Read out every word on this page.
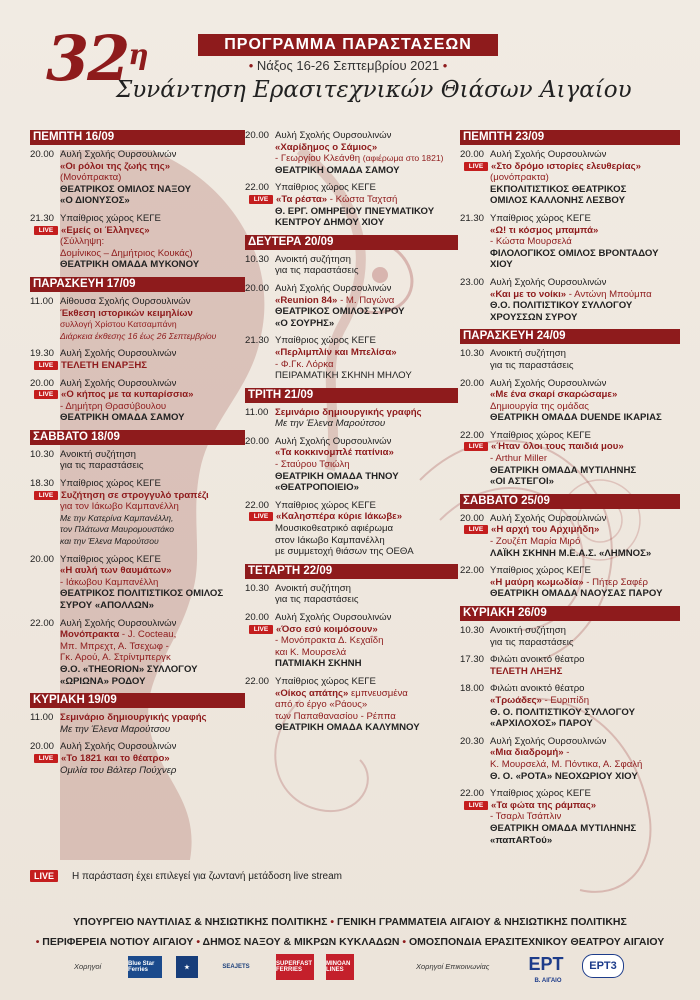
$32^\eta$	ΠΡΟΓΡΑΜΜΑ ΠΑΡΑΣΤΑΣΕΩΝ
• Νάξος 16-26 Σεπτεμβρίου 2021 •
Συνάντηση Ερασιτεχνικών Θιάσων Αιγαίου
ΠΕΜΠΤΗ 16/09
20.00 Αυλή Σχολής Ουρσουλινών
«Οι ρόλοι της ζωής της»
(Μονόπρακτα)
ΘΕΑΤΡΙΚΟΣ ΟΜΙΛΟΣ ΝΑΞΟΥ
«Ο ΔΙΟΝΥΣΟΣ»
21.30 Υπαίθριος χώρος ΚΕΓΕ
LIVE «Εμείς οι Έλληνες»
(Σύλληψη:
Δομίνικος – Δημήτριος Κουκάς)
ΘΕΑΤΡΙΚΗ ΟΜΑΔΑ ΜΥΚΟΝΟΥ
ΠΑΡΑΣΚΕΥΗ 17/09
11.00 Αίθουσα Σχολής Ουρσουλινών
Έκθεση ιστορικών κειμηλίων
συλλογή Χρίστου Κατσαμπάνη
Διάρκεια έκθεσης 16 έως 26 Σεπτεμβρίου
19.30 Αυλή Σχολής Ουρσουλινών
LIVE ΤΕΛΕΤΗ ΕΝΑΡΞΗΣ
20.00 Αυλή Σχολής Ουρσουλινών
LIVE «Ο κήπος με τα κυπαρίσσια»
- Δημήτρη Θρασύβουλου
ΘΕΑΤΡΙΚΗ ΟΜΑΔΑ ΣΑΜΟΥ
ΣΑΒΒΑΤΟ 18/09
10.30 Ανοικτή συζήτηση
για τις παραστάσεις
18.30 Υπαίθριος χώρος ΚΕΓΕ
LIVE Συζήτηση σε στρογγυλό τραπέζι
για τον Ιάκωβο Καμπανέλλη
Με την Κατερίνα Καμπανέλλη,
τον Πλάτωνα Μαυρομουστάκο
και την Έλενα Μαρούτσου
20.00 Υπαίθριος χώρος ΚΕΓΕ
«Η αυλή των θαυμάτων»
- Ιάκωβου Καμπανέλλη
ΘΕΑΤΡΙΚΟΣ ΠΟΛΙΤΙΣΤΙΚΟΣ ΟΜΙΛΟΣ
ΣΥΡΟΥ «ΑΠΟΛΛΩΝ»
22.00 Αυλή Σχολής Ουρσουλινών
Μονόπρακτα - J. Cocteau,
Μπ. Μπρεχτ, Α. Τσεχωφ -
Γκ. Αρού, Α. Στρίντμπεργκ
Θ.Ο. «THEORION» ΣΥΛΛΟΓΟΥ
«ΩΡΙΩΝΑ» ΡΟΔΟΥ
ΚΥΡΙΑΚΗ 19/09
11.00 Σεμινάριο δημιουργικής γραφής
Με την Έλενα Μαρούτσου
20.00 Αυλή Σχολής Ουρσουλινών
LIVE «Το 1821 και το θέατρο»
Ομιλία του Βάλτερ Πούχνερ
20.00 Αυλή Σχολής Ουρσουλινών
«Χαρίδημος ο Σάμιος»
- Γεωργίου Κλεάνθη (αφιέρωμα στο 1821)
ΘΕΑΤΡΙΚΗ ΟΜΑΔΑ ΣΑΜΟΥ
22.00 Υπαίθριος χώρος ΚΕΓΕ
LIVE «Τα ρέστα» - Κώστα Ταχτσή
Θ. ΕΡΓ. ΟΜΗΡΕΙΟΥ ΠΝΕΥΜΑΤΙΚΟΥ
ΚΕΝΤΡΟΥ ΔΗΜΟΥ ΧΙΟΥ
ΔΕΥΤΕΡΑ 20/09
10.30 Ανοικτή συζήτηση
για τις παραστάσεις
20.00 Αυλή Σχολής Ουρσουλινών
«Reunion 84» - Μ. Παγώνα
ΘΕΑΤΡΙΚΟΣ ΟΜΙΛΟΣ ΣΥΡΟΥ
«Ο ΣΟΥΡΗΣ»
21.30 Υπαίθριος χώρος ΚΕΓΕ
«Περλιμπλίν και Μπελίσα»
- Φ.Γκ. Λόρκα
ΠΕΙΡΑΜΑΤΙΚΗ ΣΚΗΝΗ ΜΗΛΟΥ
ΤΡΙΤΗ 21/09
11.00 Σεμινάριο δημιουργικής γραφής
Με την Έλενα Μαρούτσου
20.00 Αυλή Σχολής Ουρσουλινών
«Τα κοκκινομπλέ πατίνια»
- Σταύρου Τσιώλη
ΘΕΑΤΡΙΚΗ ΟΜΑΔΑ ΤΗΝΟΥ
«ΘΕΑΤΡΟΠΟΙΕΙΟ»
22.00 Υπαίθριος χώρος ΚΕΓΕ
LIVE «Καλησπέρα κύριε Ιάκωβε»
Μουσικοθεατρικό αφιέρωμα
στον Ιάκωβο Καμπανέλλη
με συμμετοχή θιάσων της ΟΕΘΑ
ΤΕΤΑΡΤΗ 22/09
10.30 Ανοικτή συζήτηση
για τις παραστάσεις
20.00 Αυλή Σχολής Ουρσουλινών
LIVE «Όσο εσύ κοιμόσουν»
- Μονόπρακτα Δ. Κεχαΐδη
και Κ. Μουρσελά
ΠΑΤΜΙΑΚΗ ΣΚΗΝΗ
22.00 Υπαίθριος χώρος ΚΕΓΕ
«Οίκος απάτης» εμπνευσμένα
από το έργο «Ράους»
των Παπαθανασίου - Ρέππα
ΘΕΑΤΡΙΚΗ ΟΜΑΔΑ ΚΑΛΥΜΝΟΥ
ΠΕΜΠΤΗ 23/09
20.00 Αυλή Σχολής Ουρσουλινών
LIVE «Στο δρόμο ιστορίες ελευθερίας»
(μονόπρακτα)
ΕΚΠΟΛΙΤΙΣΤΙΚΟΣ ΘΕΑΤΡΙΚΟΣ
ΟΜΙΛΟΣ ΚΑΛΛΟΝΗΣ ΛΕΣΒΟΥ
21.30 Υπαίθριος χώρος ΚΕΓΕ
«Ω! τι κόσμος μπαμπά»
- Κώστα Μουρσελά
ΦΙΛΟΛΟΓΙΚΟΣ ΟΜΙΛΟΣ ΒΡΟΝΤΑΔΟΥ ΧΙΟΥ
23.00 Αυλή Σχολής Ουρσουλινών
«Και με το νοίκι» - Αντώνη Μπούμπα
Θ.Ο. ΠΟΛΙΤΙΣΤΙΚΟΥ ΣΥΛΛΟΓΟΥ
ΧΡΟΥΣΣΩΝ ΣΥΡΟΥ
ΠΑΡΑΣΚΕΥΗ 24/09
10.30 Ανοικτή συζήτηση
για τις παραστάσεις
20.00 Αυλή Σχολής Ουρσουλινών
«Με ένα σκαρί σκαρώσαμε»
Δημιουργία της ομάδας
ΘΕΑΤΡΙΚΗ ΟΜΑΔΑ DUENDE ΙΚΑΡΙΑΣ
22.00 Υπαίθριος χώρος ΚΕΓΕ
LIVE «Ήταν όλοι τους παιδιά μου»
- Arthur Miller
ΘΕΑΤΡΙΚΗ ΟΜΑΔΑ ΜΥΤΙΛΗΝΗΣ
«ΟΙ ΑΣΤΕΓΟΙ»
ΣΑΒΒΑΤΟ 25/09
20.00 Αυλή Σχολής Ουρσουλινών
LIVE «Η αρχή του Αρχιμήδη»
- Ζουζέπ Μαρία Μιρό
ΛΑΪΚΗ ΣΚΗΝΗ Μ.Ε.Α.Σ. «ΛΗΜΝΟΣ»
22.00 Υπαίθριος χώρος ΚΕΓΕ
«Η μαύρη κωμωδία» - Πήτερ Σαφέρ
ΘΕΑΤΡΙΚΗ ΟΜΑΔΑ ΝΑΟΥΣΑΣ ΠΑΡΟΥ
ΚΥΡΙΑΚΗ 26/09
10.30 Ανοικτή συζήτηση
για τις παραστάσεις
17.30 Φιλώτι ανοικτό θέατρο
ΤΕΛΕΤΗ ΛΗΞΗΣ
18.00 Φιλώτι ανοικτό θέατρο
«Τρωάδες» - Ευριπίδη
Θ. Ο. ΠΟΛΙΤΙΣΤΙΚΟΥ ΣΥΛΛΟΓΟΥ
«ΑΡΧΙΛΟΧΟΣ» ΠΑΡΟΥ
20.30 Αυλή Σχολής Ουρσουλινών
«Μια διαδρομή» -
Κ. Μουρσελά, Μ. Πόντικα, Α. Σφαλή
Θ. Ο. «ΡΟΤΑ» ΝΕΟΧΩΡΙΟΥ ΧΙΟΥ
22.00 Υπαίθριος χώρος ΚΕΓΕ
LIVE «Τα φώτα της ράμπας»
- Τσαρλι Τσάπλιν
ΘΕΑΤΡΙΚΗ ΟΜΑΔΑ ΜΥΤΙΛΗΝΗΣ
«παπARTού»
LIVE	Η παράσταση έχει επιλεγεί για ζωντανή μετάδοση live stream
ΥΠΟΥΡΓΕΙΟ ΝΑΥΤΙΛΙΑΣ & ΝΗΣΙΩΤΙΚΗΣ ΠΟΛΙΤΙΚΗΣ • ΓΕΝΙΚΗ ΓΡΑΜΜΑΤΕΙΑ ΑΙΓΑΙΟΥ & ΝΗΣΙΩΤΙΚΗΣ ΠΟΛΙΤΙΚΗΣ
• ΠΕΡΙΦΕΡΕΙΑ ΝΟΤΙΟΥ ΑΙΓΑΙΟΥ • ΔΗΜΟΣ ΝΑΞΟΥ & ΜΙΚΡΩΝ ΚΥΚΛΑΔΩΝ • ΟΜΟΣΠΟΝΔΙΑ ΕΡΑΣΙΤΕΧΝΙΚΟΥ ΘΕΑΤΡΟΥ ΑΙΓΑΙΟΥ
Χορηγοί	Blue Star Ferries	★	SEAJETS	SUPERFAST FERRIES
MINOAN LINES	Χορηγοί Επικοινωνίας ΕΡΤ
Β. ΑΙΓΑΙΟ
ΕΡΤ3
